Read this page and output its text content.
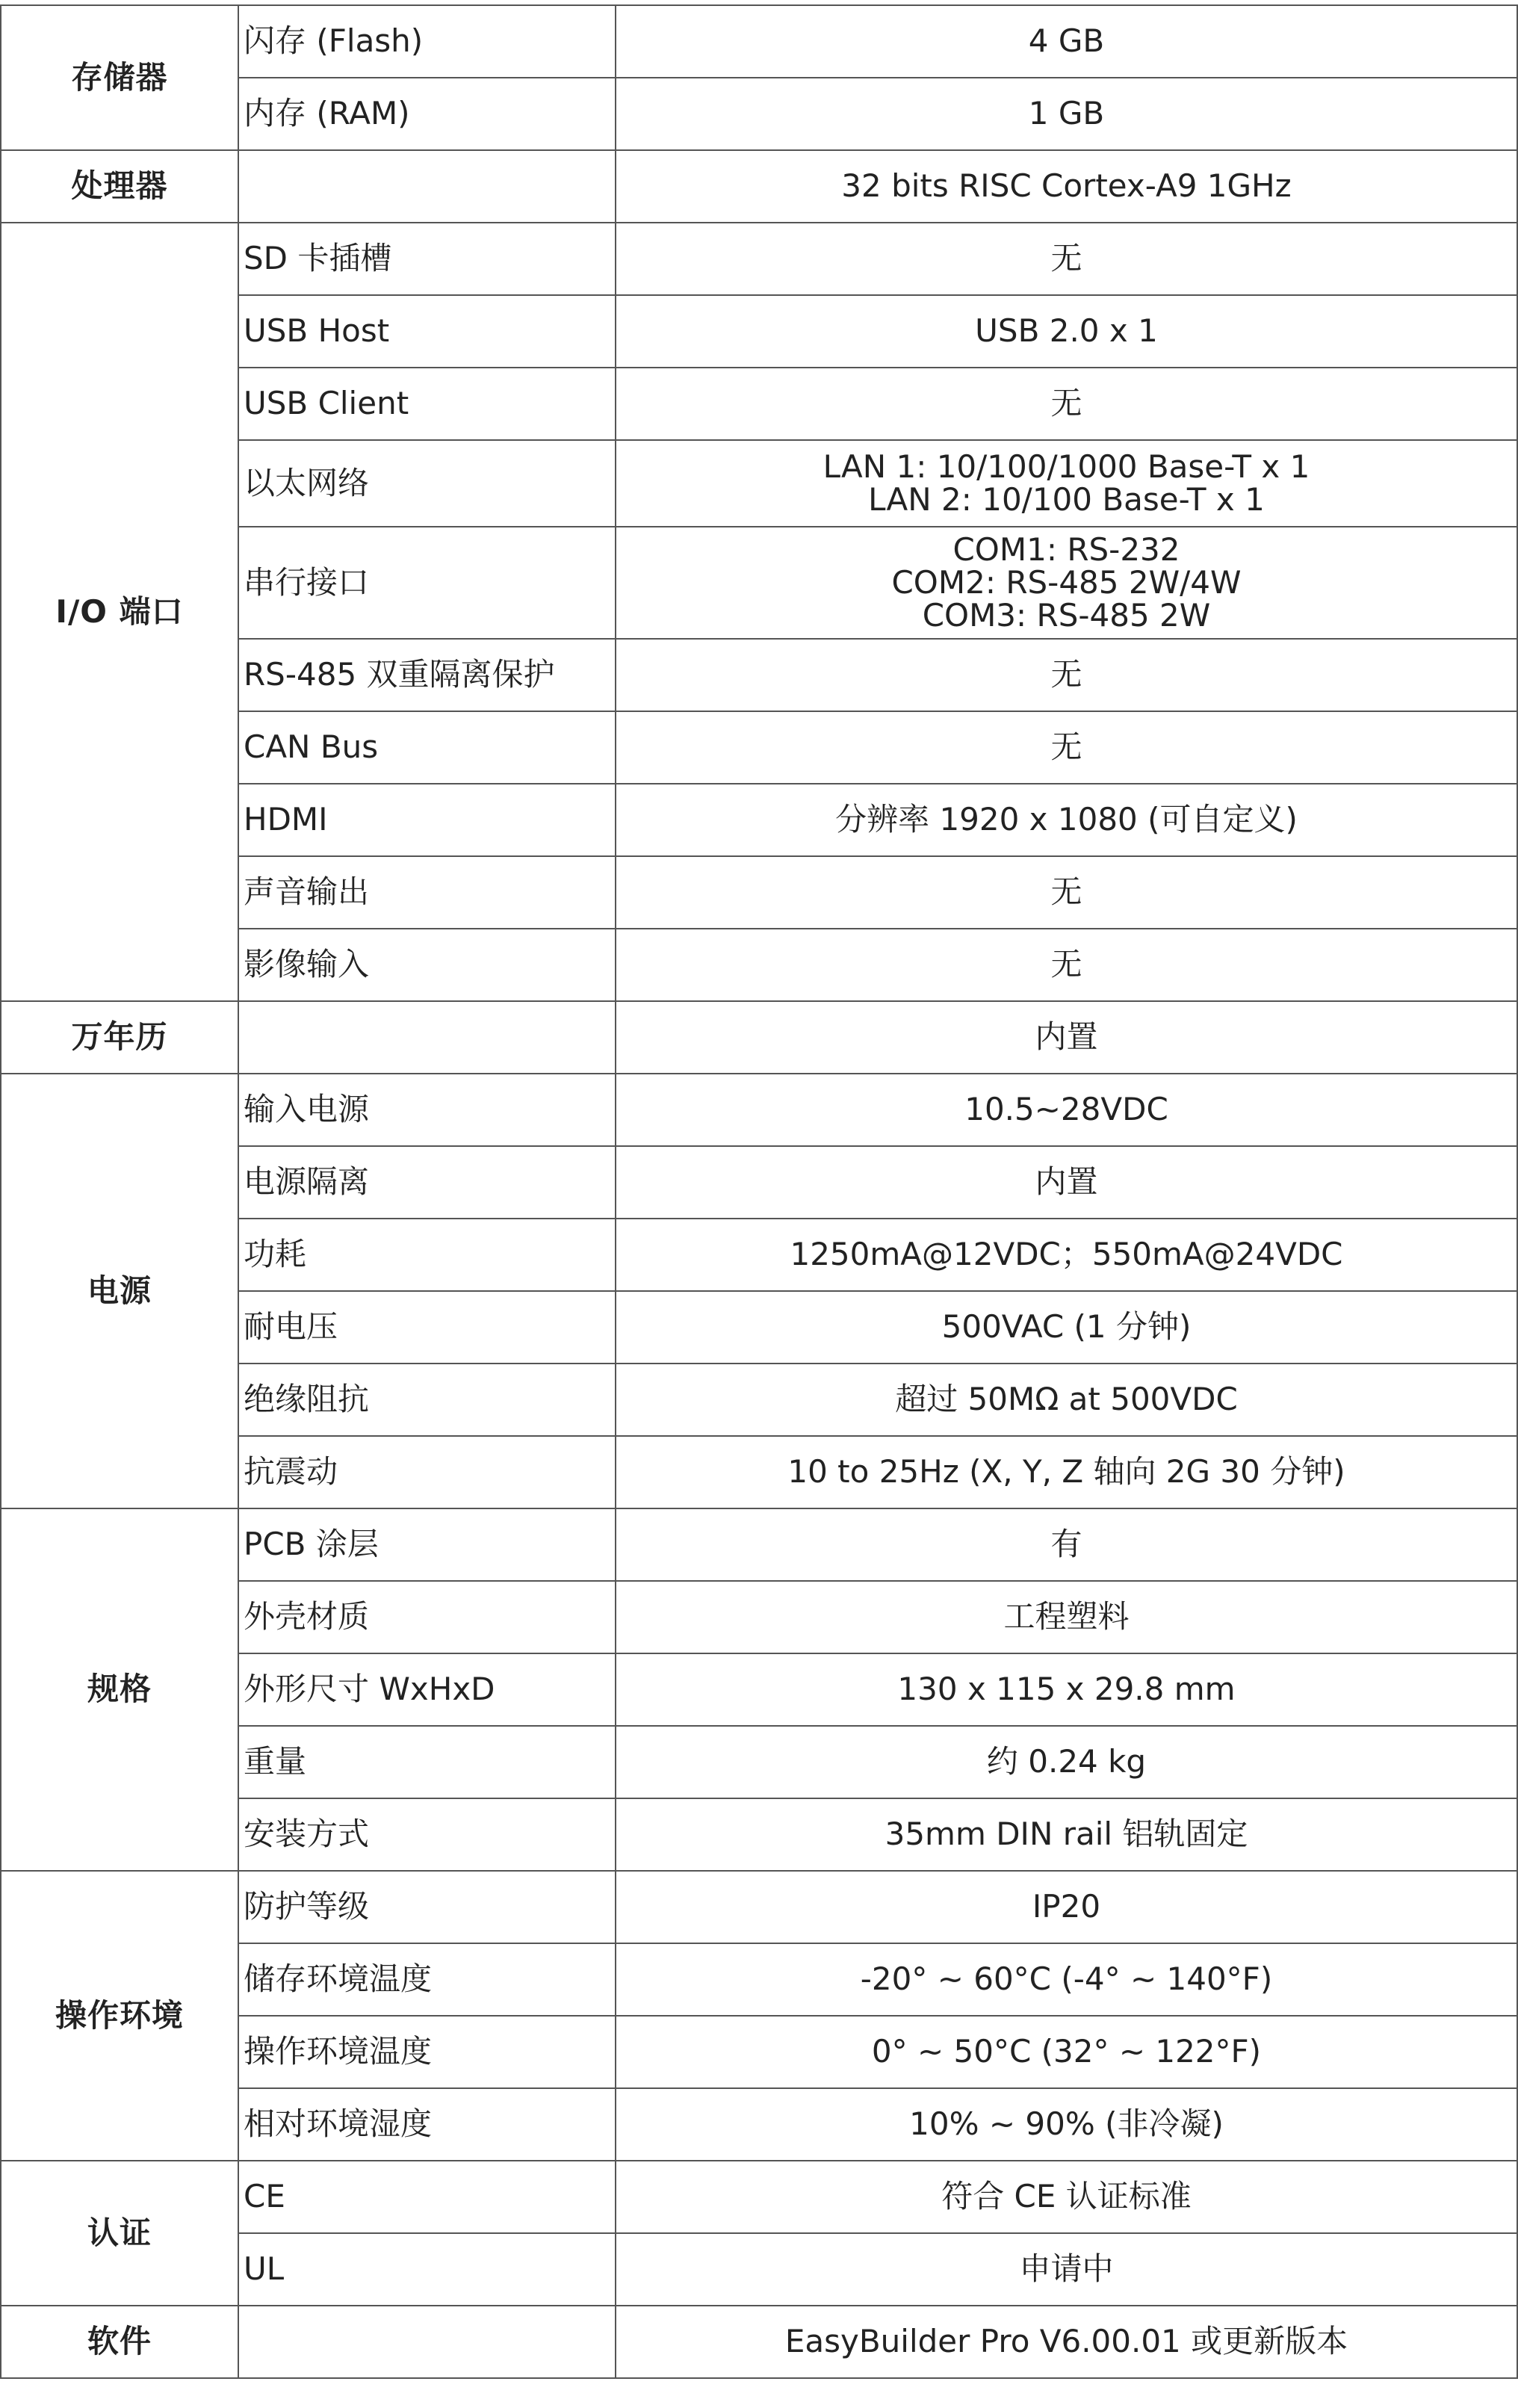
存储器	闪存 (Flash)	4 GB

	内存 (RAM)	1 GB

处理器		32 bits RISC Cortex-A9 1GHz

I/O 端口	SD 卡插槽	无

	USB Host	USB 2.0 x 1

	USB Client	无

	以太网络	LAN 1: 10/100/1000 Base-T x 1
LAN 2: 10/100 Base-T x 1

	串行接口	COM1: RS-232
COM2: RS-485 2W/4W
COM3: RS-485 2W

	RS-485 双重隔离保护	无

	CAN Bus	无

	HDMI	分辨率 1920 x 1080 (可自定义)

	声音输出	无

	影像输入	无

万年历		内置

电源	输入电源	10.5~28VDC

	电源隔离	内置

	功耗	1250mA@12VDC；550mA@24VDC

	耐电压	500VAC (1 分钟)

	绝缘阻抗	超过 50MΩ at 500VDC

	抗震动	10 to 25Hz (X, Y, Z 轴向 2G 30 分钟)

规格	PCB 涂层	有

	外壳材质	工程塑料

	外形尺寸 WxHxD	130 x 115 x 29.8 mm

	重量	约 0.24 kg

	安装方式	35mm DIN rail 铝轨固定

操作环境	防护等级	IP20

	储存环境温度	-20° ~ 60°C (-4° ~ 140°F)

	操作环境温度	0° ~ 50°C (32° ~ 122°F)

	相对环境湿度	10% ~ 90% (非冷凝)

认证	CE	符合 CE 认证标准

	UL	申请中

软件		EasyBuilder Pro V6.00.01 或更新版本
